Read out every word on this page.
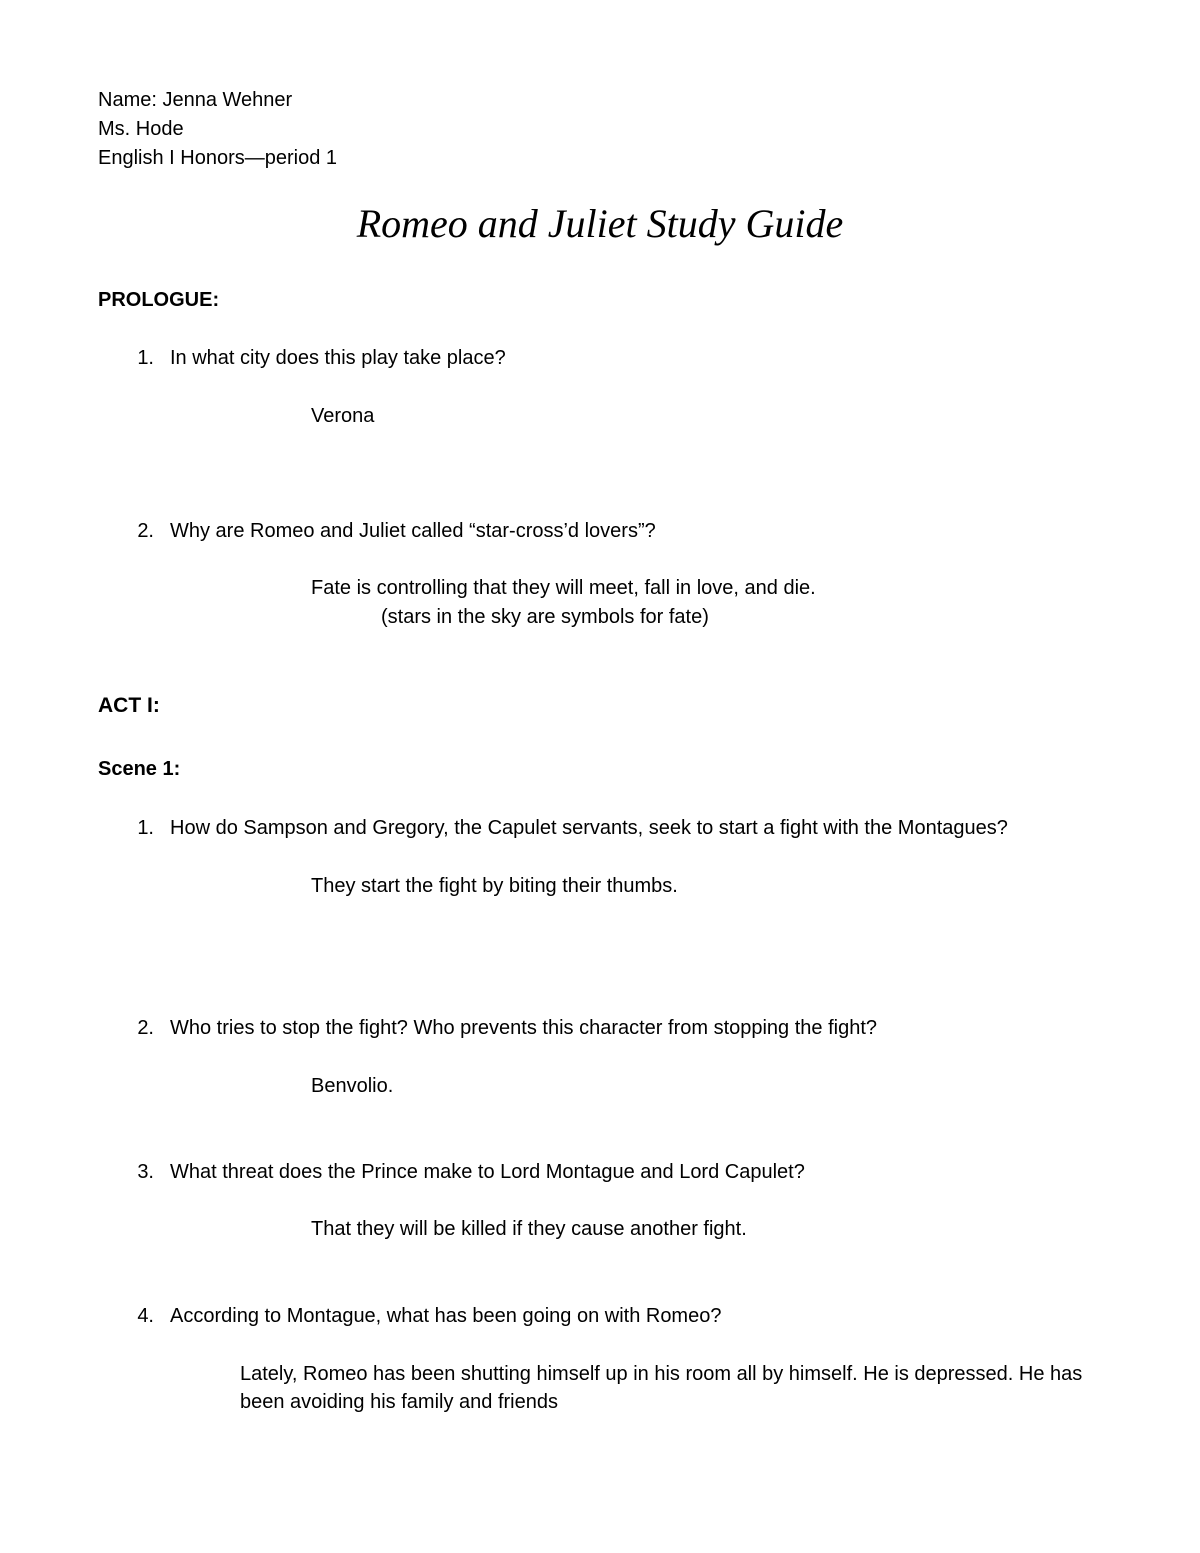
Name: Jenna Wehner
Ms. Hode
English I Honors—period 1
Romeo and Juliet Study Guide
PROLOGUE:
1. In what city does this play take place?
Verona
2. Why are Romeo and Juliet called “star-cross’d lovers”?
Fate is controlling that they will meet, fall in love, and die.
(stars in the sky are symbols for fate)
ACT I:
Scene 1:
1. How do Sampson and Gregory, the Capulet servants, seek to start a fight with the Montagues?
They start the fight by biting their thumbs.
2. Who tries to stop the fight? Who prevents this character from stopping the fight?
Benvolio.
3. What threat does the Prince make to Lord Montague and Lord Capulet?
That they will be killed if they cause another fight.
4. According to Montague, what has been going on with Romeo?
Lately, Romeo has been shutting himself up in his room all by himself. He is depressed. He has been avoiding his family and friends
